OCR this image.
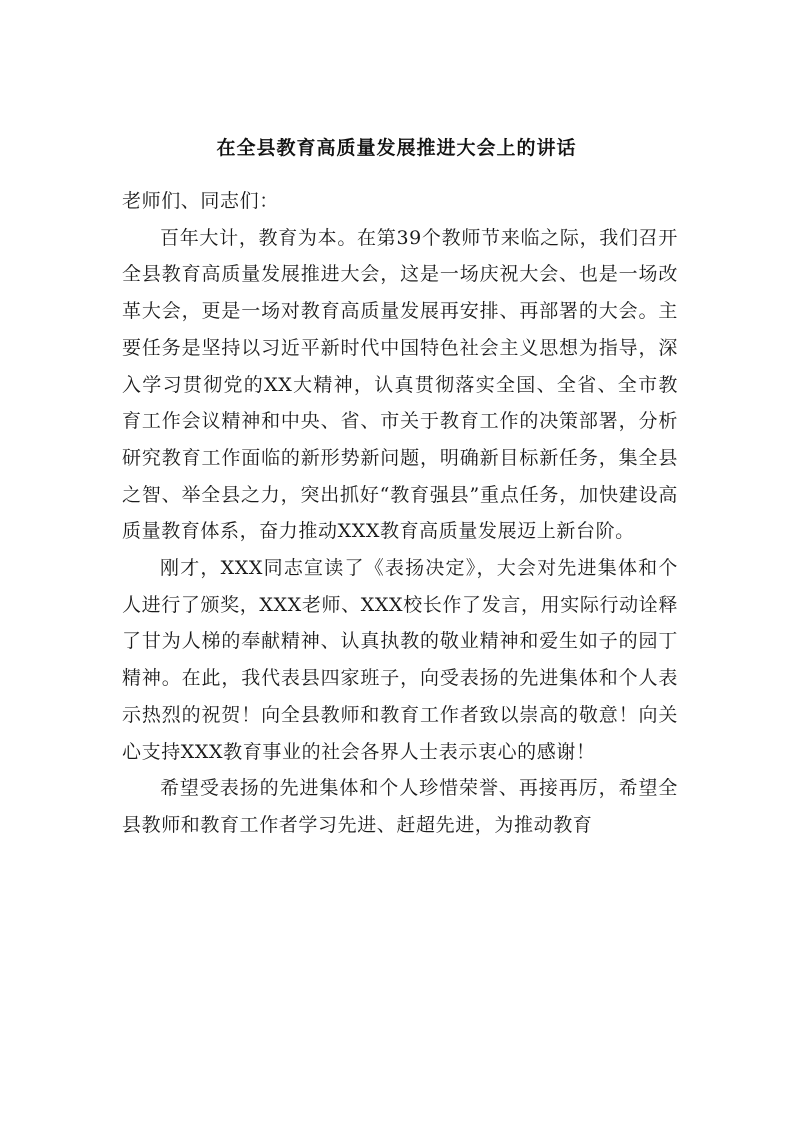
在全县教育高质量发展推进大会上的讲话

老师们、同志们：

百年大计，教育为本。在第39个教师节来临之际，我们召开全县教育高质量发展推进大会，这是一场庆祝大会、也是一场改革大会，更是一场对教育高质量发展再安排、再部署的大会。主要任务是坚持以习近平新时代中国特色社会主义思想为指导，深入学习贯彻党的XX大精神，认真贯彻落实全国、全省、全市教育工作会议精神和中央、省、市关于教育工作的决策部署，分析研究教育工作面临的新形势新问题，明确新目标新任务，集全县之智、举全县之力，突出抓好“教育强县”重点任务，加快建设高质量教育体系，奋力推动XXX教育高质量发展迈上新台阶。

刚才，XXX同志宣读了《表扬决定》，大会对先进集体和个人进行了颁奖，XXX老师、XXX校长作了发言，用实际行动诠释了甘为人梯的奉献精神、认真执教的敬业精神和爱生如子的园丁精神。在此，我代表县四家班子，向受表扬的先进集体和个人表示热烈的祝贺！向全县教师和教育工作者致以崇高的敬意！向关心支持XXX教育事业的社会各界人士表示衷心的感谢！

希望受表扬的先进集体和个人珍惜荣誉、再接再厉，希望全县教师和教育工作者学习先进、赶超先进，为推动教育
